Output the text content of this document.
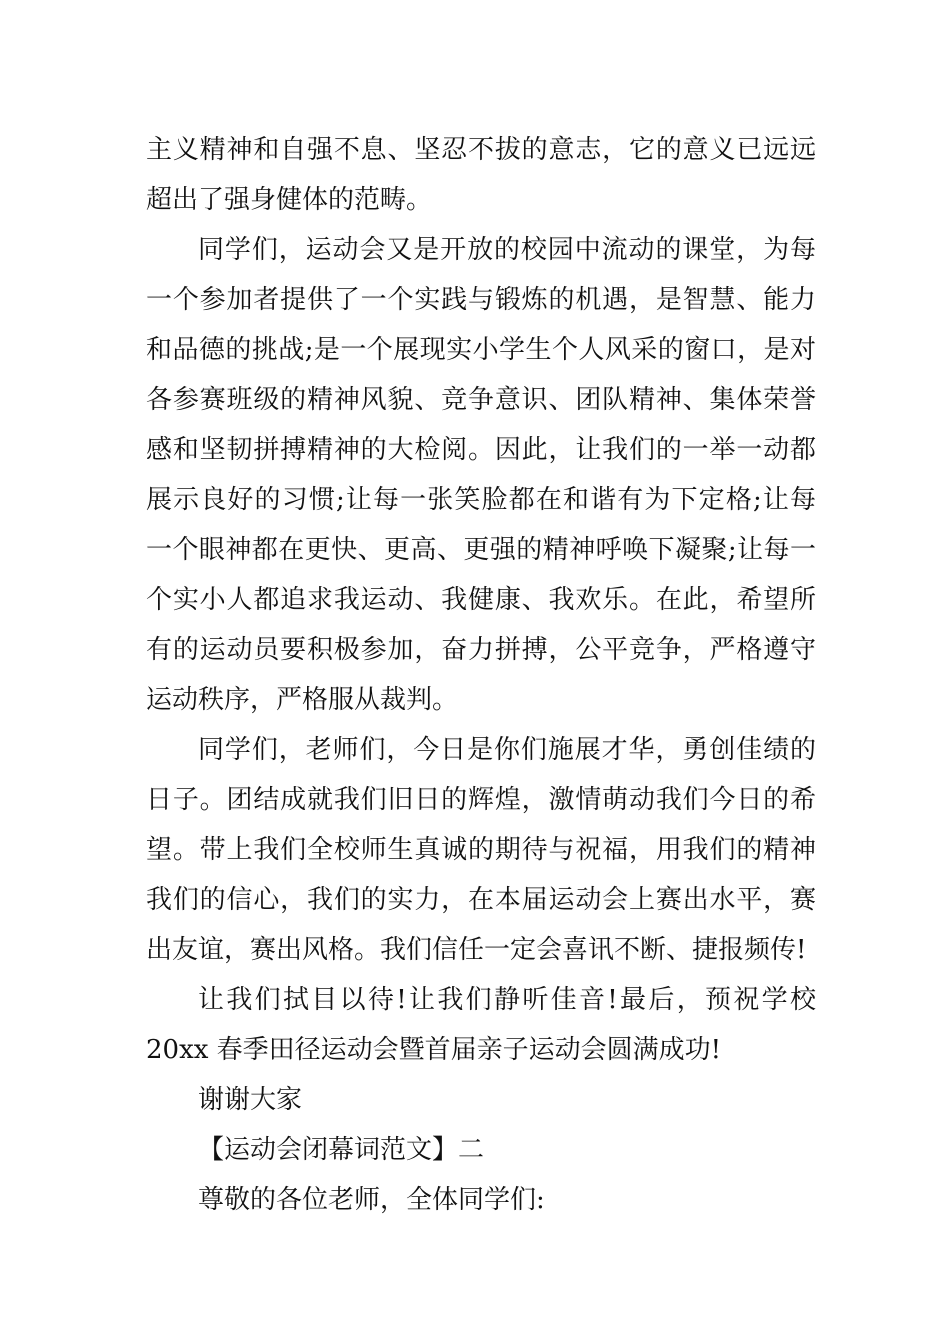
主义精神和自强不息、坚忍不拔的意志，它的意义已远远
超出了强身健体的范畴。
同学们，运动会又是开放的校园中流动的课堂，为每
一个参加者提供了一个实践与锻炼的机遇，是智慧、能力
和品德的挑战;是一个展现实小学生个人风采的窗口，是对
各参赛班级的精神风貌、竞争意识、团队精神、集体荣誉
感和坚韧拼搏精神的大检阅。因此，让我们的一举一动都
展示良好的习惯;让每一张笑脸都在和谐有为下定格;让每
一个眼神都在更快、更高、更强的精神呼唤下凝聚;让每一
个实小人都追求我运动、我健康、我欢乐。在此，希望所
有的运动员要积极参加，奋力拼搏，公平竞争，严格遵守
运动秩序，严格服从裁判。
同学们，老师们，今日是你们施展才华，勇创佳绩的
日子。团结成就我们旧日的辉煌，激情萌动我们今日的希
望。带上我们全校师生真诚的期待与祝福，用我们的精神
我们的信心，我们的实力，在本届运动会上赛出水平，赛
出友谊，赛出风格。我们信任一定会喜讯不断、捷报频传!
让我们拭目以待!让我们静听佳音!最后，预祝学校
20xx 春季田径运动会暨首届亲子运动会圆满成功!
谢谢大家
【运动会闭幕词范文】二
尊敬的各位老师，全体同学们:
